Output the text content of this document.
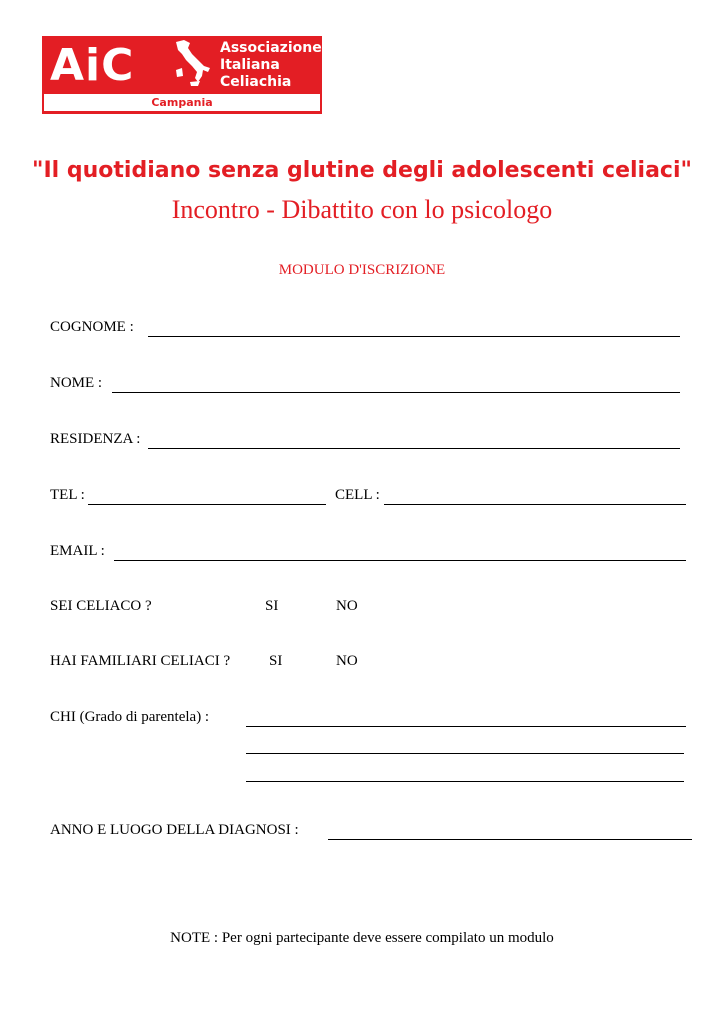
AiC	Associazione
Italiana
Celiachia
Campania
"Il quotidiano senza glutine degli adolescenti celiaci"
Incontro - Dibattito con lo psicologo
MODULO D'ISCRIZIONE
COGNOME :
NOME :
RESIDENZA :
TEL :	CELL :
EMAIL :
SEI CELIACO ?	SI	NO
HAI FAMILIARI CELIACI ?	SI	NO
CHI (Grado di parentela) :
ANNO E LUOGO DELLA DIAGNOSI :
NOTE : Per ogni partecipante deve essere compilato un modulo
